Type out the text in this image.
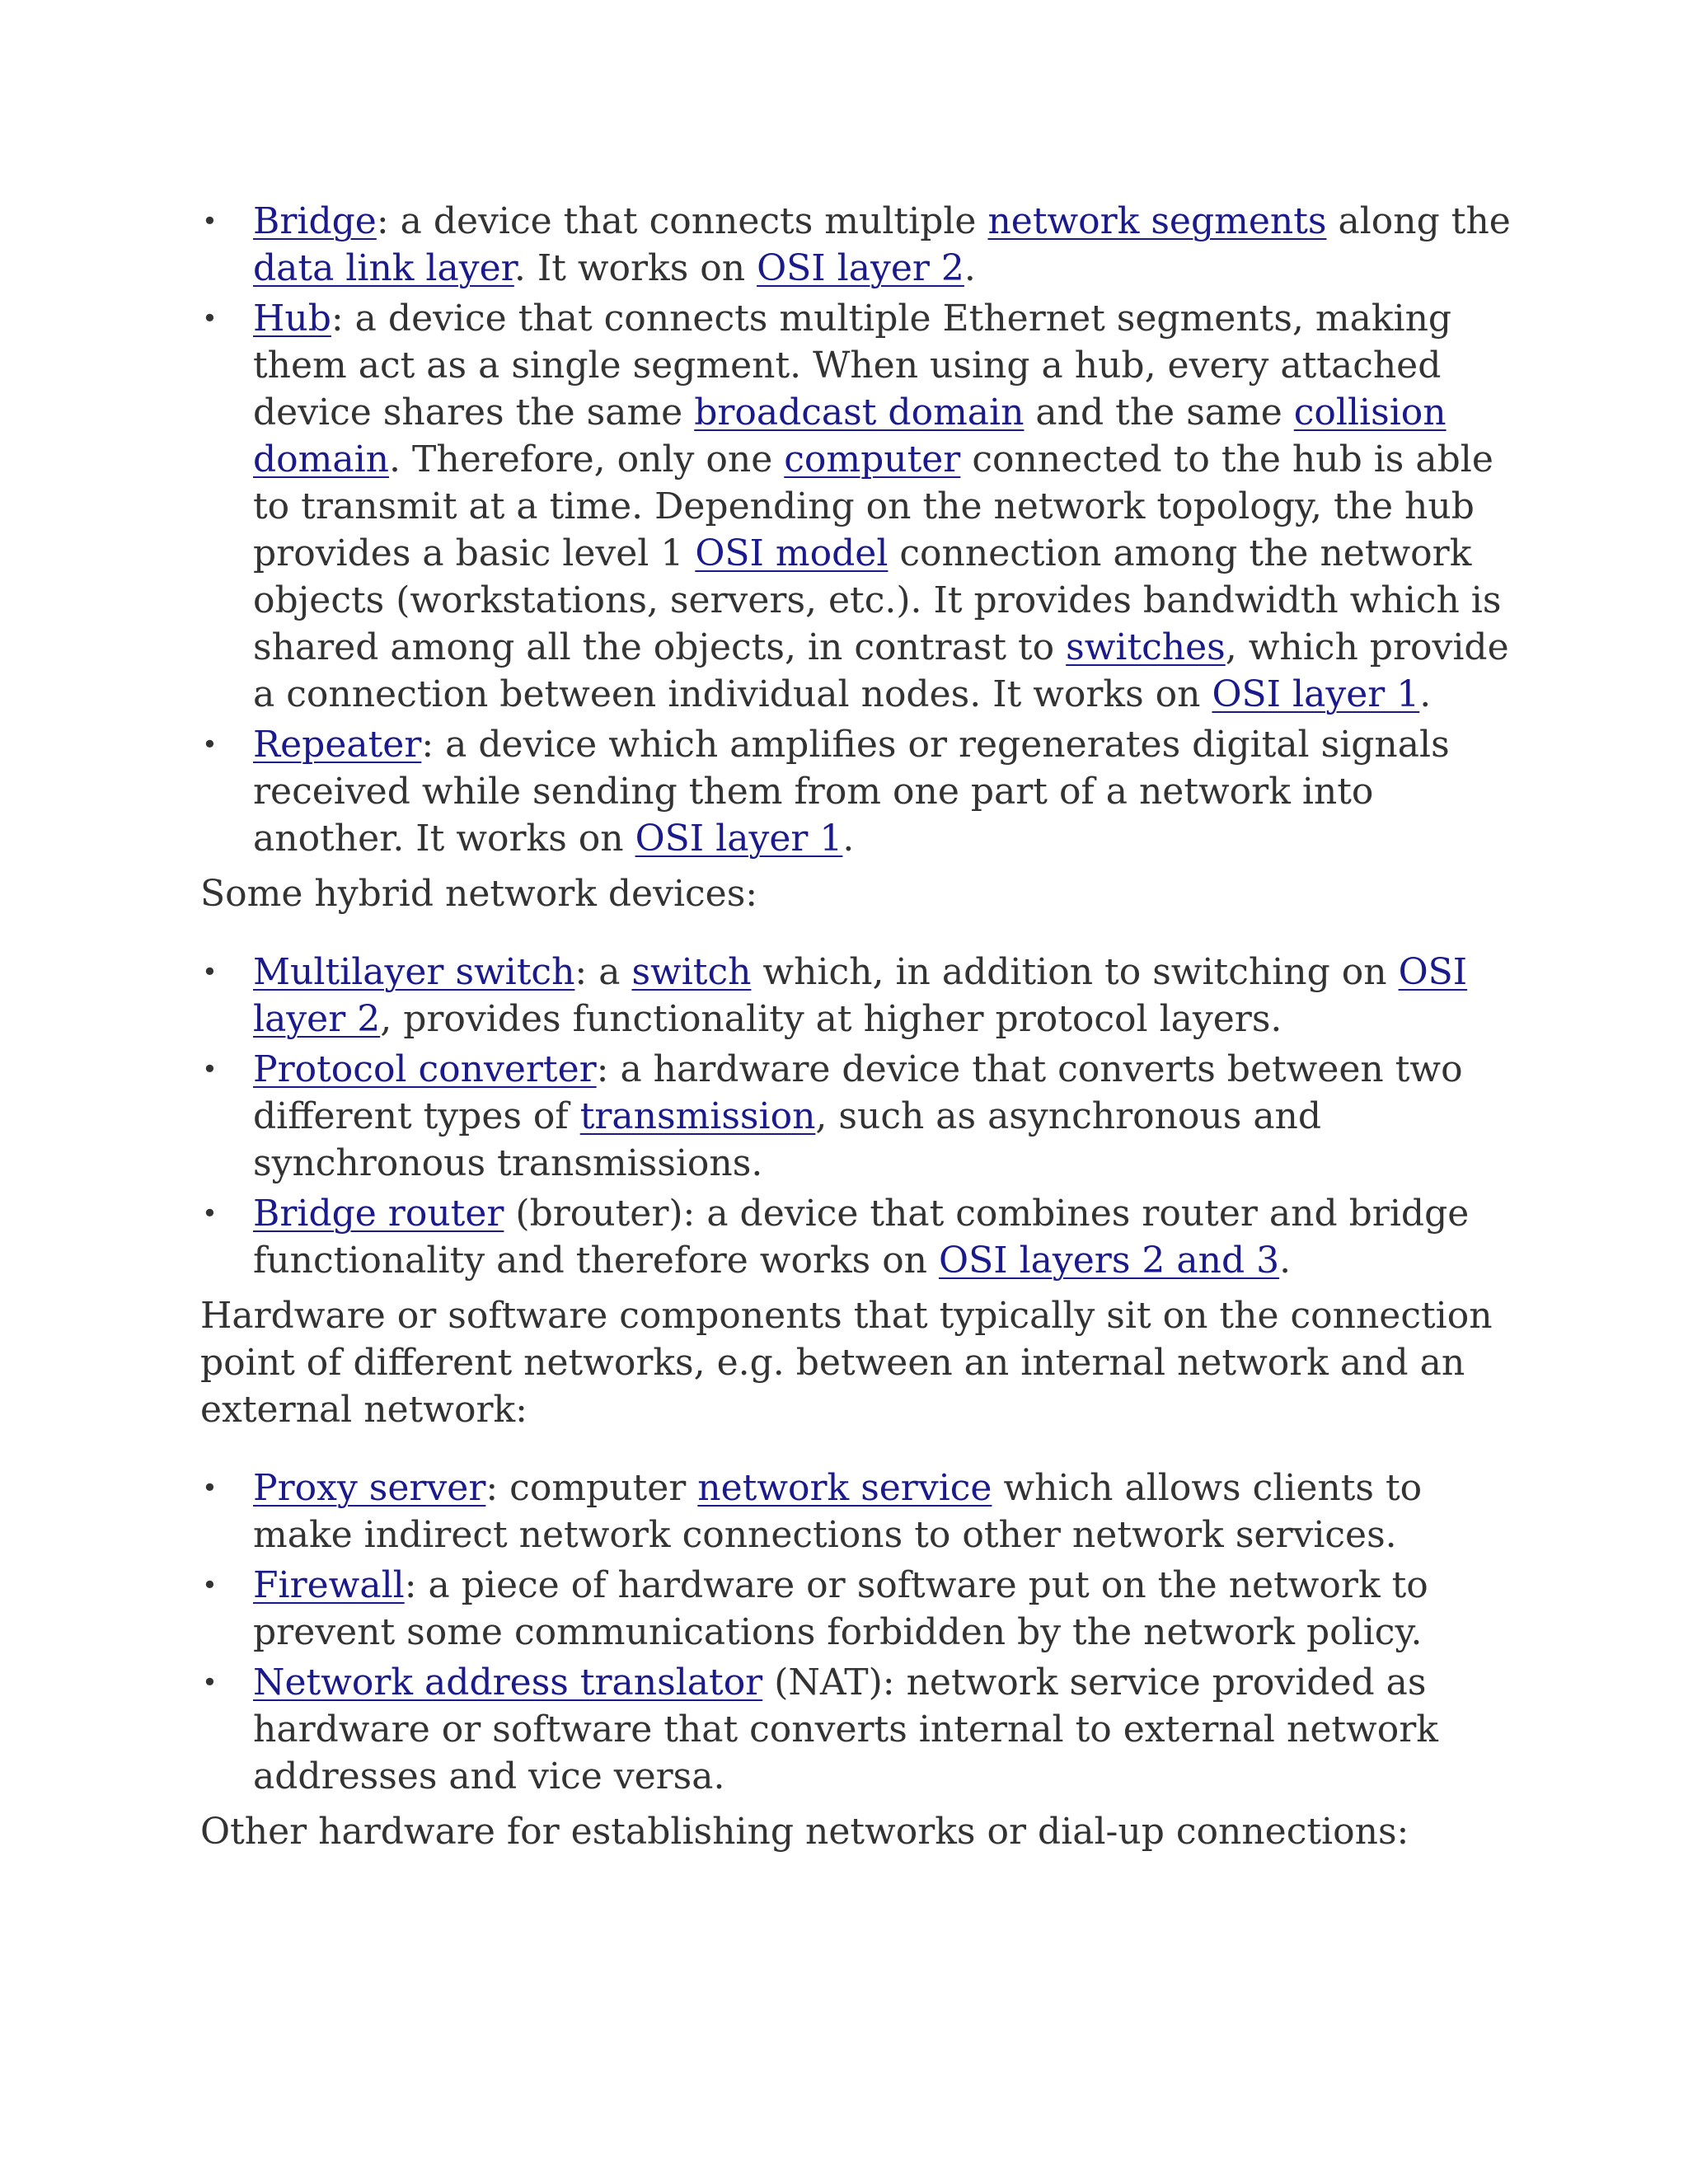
• Bridge: a device that connects multiple network segments along the data link layer. It works on OSI layer 2.
• Hub: a device that connects multiple Ethernet segments, making them act as a single segment. When using a hub, every attached device shares the same broadcast domain and the same collision domain. Therefore, only one computer connected to the hub is able to transmit at a time. Depending on the network topology, the hub provides a basic level 1 OSI model connection among the network objects (workstations, servers, etc.). It provides bandwidth which is shared among all the objects, in contrast to switches, which provide a connection between individual nodes. It works on OSI layer 1.
• Repeater: a device which amplifies or regenerates digital signals received while sending them from one part of a network into another. It works on OSI layer 1.

Some hybrid network devices:

• Multilayer switch: a switch which, in addition to switching on OSI layer 2, provides functionality at higher protocol layers.
• Protocol converter: a hardware device that converts between two different types of transmission, such as asynchronous and synchronous transmissions.
• Bridge router (brouter): a device that combines router and bridge functionality and therefore works on OSI layers 2 and 3.

Hardware or software components that typically sit on the connection point of different networks, e.g. between an internal network and an external network:

• Proxy server: computer network service which allows clients to make indirect network connections to other network services.
• Firewall: a piece of hardware or software put on the network to prevent some communications forbidden by the network policy.
• Network address translator (NAT): network service provided as hardware or software that converts internal to external network addresses and vice versa.

Other hardware for establishing networks or dial-up connections:
